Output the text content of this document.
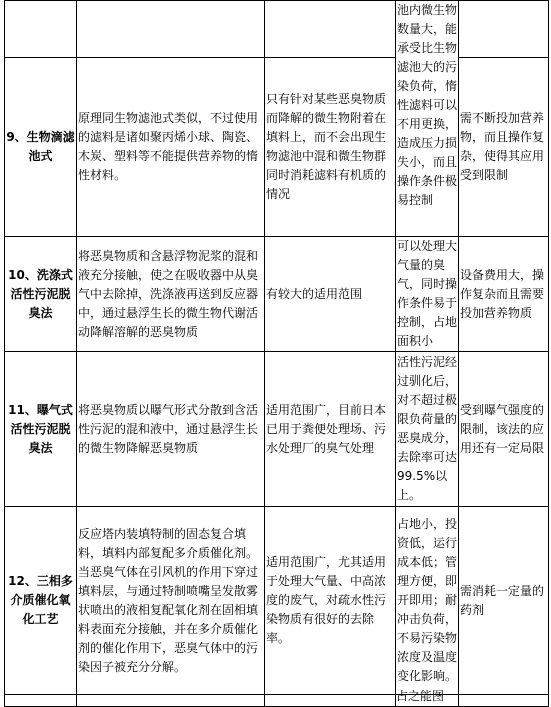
			池内微生物数量大，能承受比生物滤池大的污染负荷，惰性滤料可以不用更换，造成压力损失小，而且操作条件极易控制	
9、生物滴滤池式	原理同生物滤池式类似，不过使用的滤料是诸如聚丙烯小球、陶瓷、木炭、塑料等不能提供营养物的惰性材料。	只有针对某些恶臭物质而降解的微生物附着在填料上，而不会出现生物滤池中混和微生物群同时消耗滤料有机质的情况		需不断投加营养物，而且操作复杂，使得其应用受到限制
10、洗涤式活性污泥脱臭法	将恶臭物质和含悬浮物泥浆的混和液充分接触，使之在吸收器中从臭气中去除掉，洗涤液再送到反应器中，通过悬浮生长的微生物代谢活动降解溶解的恶臭物质	有较大的适用范围	可以处理大气量的臭气，同时操作条件易于控制，占地面积小	设备费用大，操作复杂而且需要投加营养物质
11、曝气式活性污泥脱臭法	将恶臭物质以曝气形式分散到含活性污泥的混和液中，通过悬浮生长的微生物降解恶臭物质	适用范围广，目前日本已用于粪便处理场、污水处理厂的臭气处理	活性污泥经过驯化后，对不超过极限负荷量的恶臭成分，去除率可达99.5%以上。	受到曝气强度的限制，该法的应用还有一定局限
12、三相多介质催化氧化工艺	反应塔内装填特制的固态复合填料，填料内部复配多介质催化剂。当恶臭气体在引风机的作用下穿过填料层，与通过特制喷嘴呈发散雾状喷出的液相复配氧化剂在固相填料表面充分接触，并在多介质催化剂的催化作用下，恶臭气体中的污染因子被充分分解。	适用范围广，尤其适用于处理大气量、中高浓度的废气，对疏水性污染物质有很好的去除率。	占地小，投资低，运行成本低；管理方便，即开即用；耐冲击负荷，不易污染物浓度及温度变化影响。	需消耗一定量的药剂

占之能图
